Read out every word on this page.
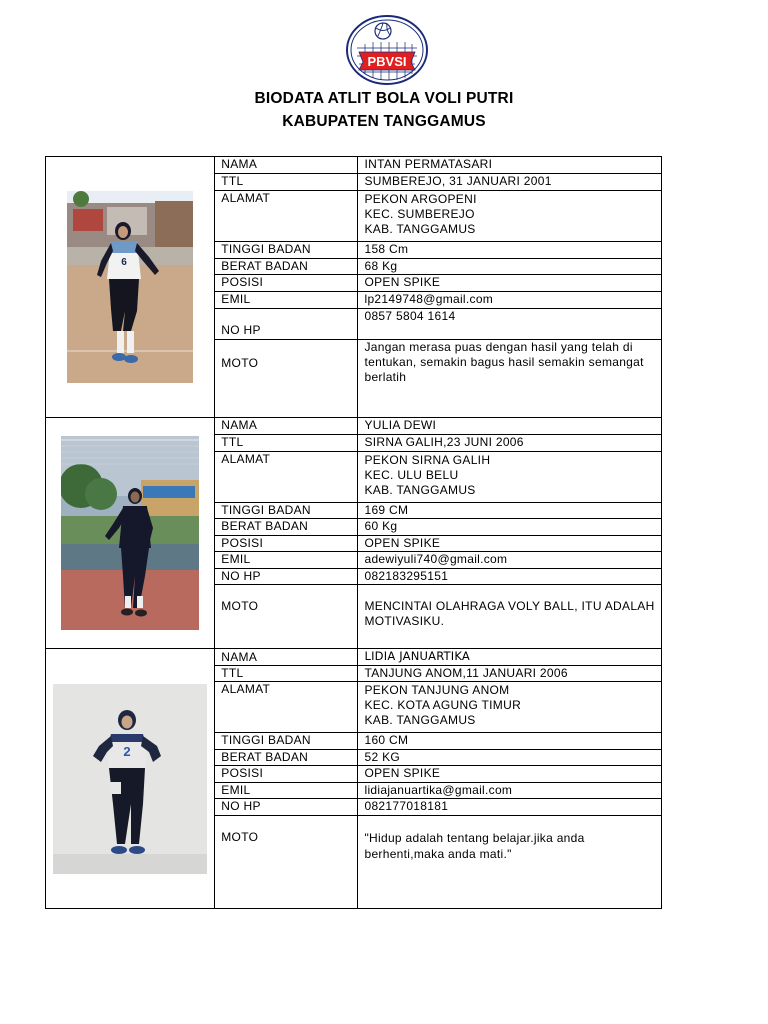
PBVSI
BIODATA ATLIT BOLA VOLI PUTRI
KABUPATEN TANGGAMUS
6	NAMA	INTAN PERMATASARI
	TTL	SUMBEREJO, 31 JANUARI 2001
	ALAMAT	PEKON ARGOPENI
KEC. SUMBEREJO
KAB. TANGGAMUS

	TINGGI BADAN	158 Cm
	BERAT BADAN	68 Kg
	POSISI	OPEN SPIKE
	EMIL	lp2149748@gmail.com
	NO HP	0857 5804 1614
	MOTO	Jangan merasa puas dengan hasil yang telah di tentukan, semakin bagus hasil semakin semangat berlatih

	NAMA	YULIA DEWI
	TTL	SIRNA GALIH,23 JUNI 2006
	ALAMAT	PEKON SIRNA GALIH
KEC. ULU BELU
KAB. TANGGAMUS

	TINGGI BADAN	169 CM
	BERAT BADAN	60 Kg
	POSISI	OPEN SPIKE
	EMIL	adewiyuli740@gmail.com
	NO HP	082183295151
	MOTO	MENCINTAI OLAHRAGA VOLY BALL, ITU ADALAH MOTIVASIKU.

2	NAMA	LIDIA JANUARTIKA
	TTL	TANJUNG ANOM,11 JANUARI 2006
	ALAMAT	PEKON TANJUNG ANOM
KEC. KOTA AGUNG TIMUR
KAB. TANGGAMUS

	TINGGI BADAN	160 CM
	BERAT BADAN	52 KG
	POSISI	OPEN SPIKE
	EMIL	lidiajanuartika@gmail.com
	NO HP	082177018181
	MOTO	"Hidup adalah tentang belajar.jika anda berhenti,maka anda mati."
